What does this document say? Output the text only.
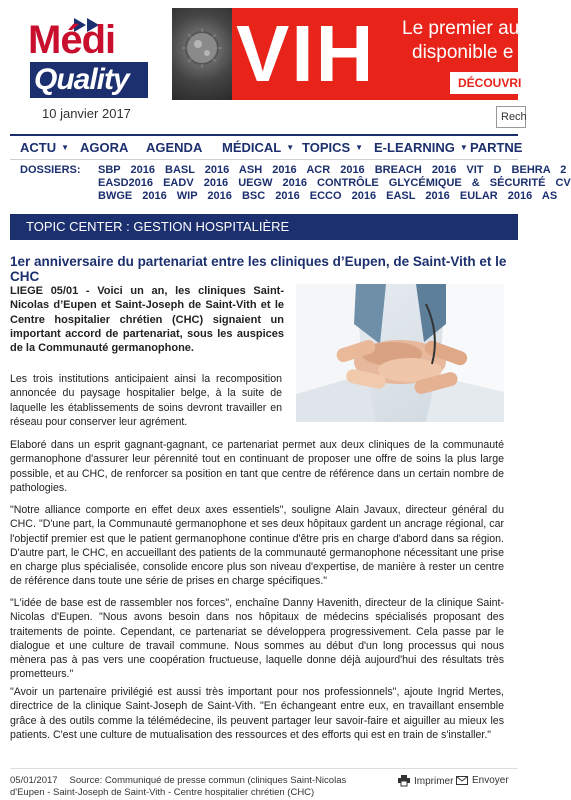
Médi
Quality
10 janvier 2017
VIH Le premier auto
disponible e
DÉCOUVRI
Rech
ACTU ▼ AGORA AGENDA MÉDICAL ▼ TOPICS ▼ E-LEARNING ▼ PARTNE
DOSSIERS: SBP 2016 BASL 2016 ASH 2016 ACR 2016 BREACH 2016 VIT D BEHRA 2
EASD2016 EADV 2016 UEGW 2016 CONTRÔLE GLYCÉMIQUE & SÉCURITÉ CV
BWGE 2016 WIP 2016 BSC 2016 ECCO 2016 EASL 2016 EULAR 2016 AS
TOPIC CENTER : GESTION HOSPITALIÈRE
1er anniversaire du partenariat entre les cliniques d’Eupen, de Saint-Vith et le CHC
LIEGE 05/01 - Voici un an, les cliniques Saint-Nicolas d’Eupen et Saint-Joseph de Saint-Vith et le Centre hospitalier chrétien (CHC) signaient un important accord de partenariat, sous les auspices de la Communauté germanophone.
Les trois institutions anticipaient ainsi la recomposition annoncée du paysage hospitalier belge, à la suite de laquelle les établissements de soins devront travailler en réseau pour conserver leur agrément.
Elaboré dans un esprit gagnant-gagnant, ce partenariat permet aux deux cliniques de la communauté germanophone d'assurer leur pérennité tout en continuant de proposer une offre de soins la plus large possible, et au CHC, de renforcer sa position en tant que centre de référence dans un certain nombre de pathologies.
"Notre alliance comporte en effet deux axes essentiels", souligne Alain Javaux, directeur général du CHC. "D'une part, la Communauté germanophone et ses deux hôpitaux gardent un ancrage régional, car l'objectif premier est que le patient germanophone continue d'être pris en charge d'abord dans sa région. D'autre part, le CHC, en accueillant des patients de la communauté germanophone nécessitant une prise en charge plus spécialisée, consolide encore plus son niveau d'expertise, de manière à rester un centre de référence dans toute une série de prises en charge spécifiques."
"L'idée de base est de rassembler nos forces", enchaîne Danny Havenith, directeur de la clinique Saint-Nicolas d'Eupen. "Nous avons besoin dans nos hôpitaux de médecins spécialisés proposant des traitements de pointe. Cependant, ce partenariat se développera progressivement. Cela passe par le dialogue et une culture de travail commune. Nous sommes au début d'un long processus qui nous mènera pas à pas vers une coopération fructueuse, laquelle donne déjà aujourd'hui des résultats très prometteurs."
"Avoir un partenaire privilégié est aussi très important pour nos professionnels", ajoute Ingrid Mertes, directrice de la clinique Saint-Joseph de Saint-Vith. "En échangeant entre eux, en travaillant ensemble grâce à des outils comme la télémédecine, ils peuvent partager leur savoir-faire et aiguiller au mieux les patients. C'est une culture de mutualisation des ressources et des efforts qui est en train de s'installer."
05/01/2017 Source: Communiqué de presse commun (cliniques Saint-Nicolas d'Eupen - Saint-Joseph de Saint-Vith - Centre hospitalier chrétien (CHC)
Imprimer	Envoyer
